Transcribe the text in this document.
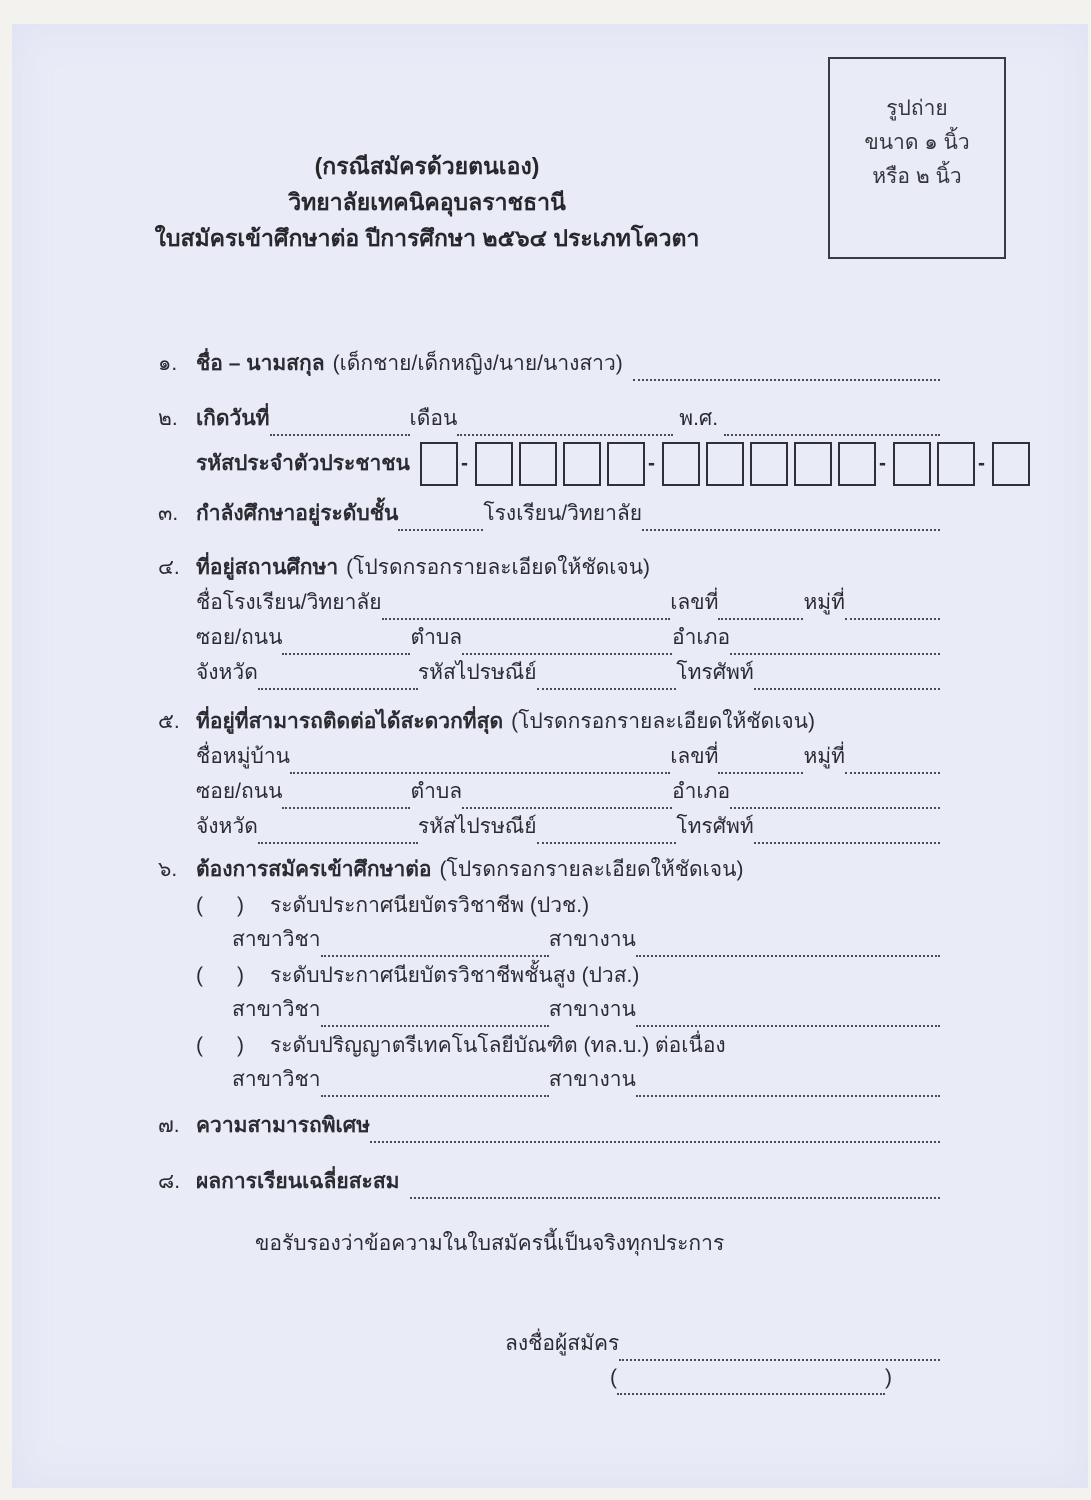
รูปถ่าย
ขนาด ๑ นิ้ว
หรือ ๒ นิ้ว
(กรณีสมัครด้วยตนเอง)
วิทยาลัยเทคนิคอุบลราชธานี
ใบสมัครเข้าศึกษาต่อ ปีการศึกษา ๒๕๖๔ ประเภทโควตา
๑. ชื่อ – นามสกุล (เด็กชาย/เด็กหญิง/นาย/นางสาว)
๒. เกิดวันที่	เดือน	พ.ศ.
รหัสประจำตัวประชาชน	-	-	-	-
๓. กำลังศึกษาอยู่ระดับชั้น	โรงเรียน/วิทยาลัย
๔. ที่อยู่สถานศึกษา (โปรดกรอกรายละเอียดให้ชัดเจน)
ชื่อโรงเรียน/วิทยาลัย	เลขที่	หมู่ที่
ซอย/ถนน	ตำบล	อำเภอ
จังหวัด	รหัสไปรษณีย์	โทรศัพท์
๕. ที่อยู่ที่สามารถติดต่อได้สะดวกที่สุด (โปรดกรอกรายละเอียดให้ชัดเจน)
ชื่อหมู่บ้าน	เลขที่	หมู่ที่
ซอย/ถนน	ตำบล	อำเภอ
จังหวัด	รหัสไปรษณีย์	โทรศัพท์
๖. ต้องการสมัครเข้าศึกษาต่อ (โปรดกรอกรายละเอียดให้ชัดเจน)
( ) ระดับประกาศนียบัตรวิชาชีพ (ปวช.)
สาขาวิชา	สาขางาน
( ) ระดับประกาศนียบัตรวิชาชีพชั้นสูง (ปวส.)
สาขาวิชา	สาขางาน
( ) ระดับปริญญาตรีเทคโนโลยีบัณฑิต (ทล.บ.) ต่อเนื่อง
สาขาวิชา	สาขางาน
๗. ความสามารถพิเศษ
๘. ผลการเรียนเฉลี่ยสะสม
ขอรับรองว่าข้อความในใบสมัครนี้เป็นจริงทุกประการ
ลงชื่อผู้สมัคร
(	)
